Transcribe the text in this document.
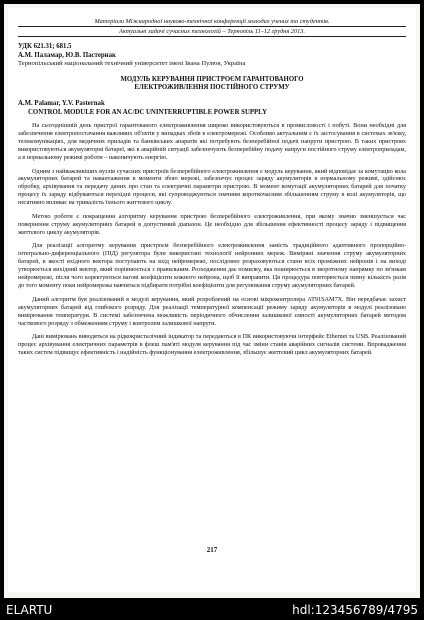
Матеріали Міжнародної науково-технічної конференції молодих учених та студентів.
Актуальні задачі сучасних технологій – Тернопіль 11–12 грудня 2013.
УДК 621.31; 681.5
А.М. Паламар, Ю.В. Пастернак
Тернопільський національний технічний університет імені Івана Пулюя, Україна
МОДУЛЬ КЕРУВАННЯ ПРИСТРОЄМ ГАРАНТОВАНОГО
ЕЛЕКТРОЖИВЛЕННЯ ПОСТІЙНОГО СТРУМУ
A.M. Palamar, Y.V. Pasternak
CONTROL MODULE FOR AN AC/DC UNINTERRUPTIBLE POWER SUPPLY

На сьогоднішній день пристрої гарантованого електроживлення широко використовуються в промисловості і побуті. Вони необхідні для забезпечення електропостачання важливих об'єктів у випадках збоїв в електромережі. Особливо актуальним є їх застосування в системах зв'язку, телекомунікаціях, для медичних приладів та банківських апаратів які потребують безперебійної подачі напруги пристрою. В таких пристроях використовуються акумуляторні батареї, які в аварійній ситуації забезпечують безперебійну подачу напруги постійного струму електроприладам, а в нормальному режимі роботи – накопичують енергію.

Одним з найважливіших вузлів сучасних пристроїв безперебійного електроживлення є модуль керування, який відповідає за комутацію кола акумуляторних батарей та навантаження в моменти збою мережі, забезпечує процес заряду акумуляторів в нормальному режимі, здійснює обробку, архівування та передачу даних про стан та електричні параметри пристрою. В момент комутації акумуляторних батарей для початку процесу їх заряду відбуваються перехідні процеси, які супроводжуються значним короткочасним збільшенням струму в колі акумуляторів, що негативно впливає на тривалість їхнього життєвого циклу.

Метою роботи є покращення алгоритму керування пристрою безперебійного електроживлення, при якому значно зменшується час повернення струму акумуляторних батарей в допустимий діапазон. Це необхідно для збільшення ефективності процесу заряду і підвищення життєвого циклу акумуляторів.

Для реалізації алгоритму керування пристроєм безперебійного електроживлення замість традиційного адаптивного пропорційно-інтегрально-диференціального (ПІД) регулятора були використані технології нейронних мереж. Виміряні значення струму акумуляторних батарей, в якості вхідного вектора поступають на вхід нейромережі, послідовно розраховуються стани всіх проміжних нейронів і на виході утворюється вихідний вектор, який порівнюється з правильним. Розходження дає помилку, яка поширюється в зворотному напрямку по зв'язкам нейромережі, після чого коректуються вагові коефіцієнти кожного нейрона, щоб її виправити. Ця процедура повторюється певну кількість разів до того моменту поки нейромережа навчиться підбирати потрібні коефіцієнти для регулювання струму акумуляторних батарей.

Даний алгоритм був реалізований в модулі керування, який розроблений на основі мікроконтролера AT91SAM7X. Він передбачає захист акумуляторних батарей від глибокого розряду. Для реалізації температурної компенсації режиму заряду акумуляторів в модулі реалізовано вимірювання температури. В системі забезпечена можливість періодичного обчислення залишкової ємності акумуляторних батарей методом часткового розряду з обмеженням струму і контролем залишкової напруги.

Дані вимірювань виводяться на рідкокристалічний індикатор та передаються в ПК використовуючи інтерфейс Ethernet та USB. Реалізований процес архівування електричних параметрів в флеш пам'яті модуля керування під час зміни станів аварійних сигналів системи. Впровадження таких систем підвищує ефективність і надійність функціонування електроживлення, збільшує життєвий цикл акумуляторних батарей.

217
ELARTU	hdl:123456789/4795
